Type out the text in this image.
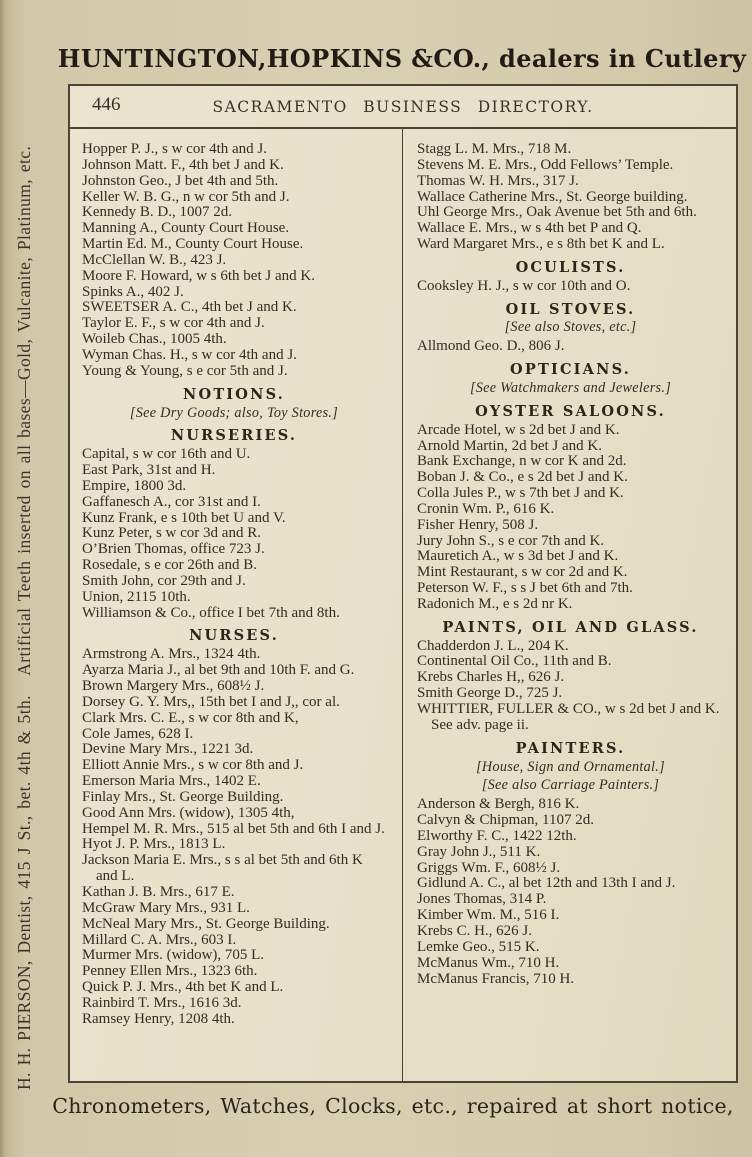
H. H. PIERSON, Dentist, 415 J St., bet. 4th & 5th.   Artificial Teeth inserted on all bases—Gold, Vulcanite, Platinum, etc.
HUNTINGTON,HOPKINS &CO., dealers in Cutlery
446	SACRAMENTO BUSINESS DIRECTORY.
Hopper P. J., s w cor 4th and J.
Johnson Matt. F., 4th bet J and K.
Johnston Geo., J bet 4th and 5th.
Keller W. B. G., n w cor 5th and J.
Kennedy B. D., 1007 2d.
Manning A., County Court House.
Martin Ed. M., County Court House.
McClellan W. B., 423 J.
Moore F. Howard, w s 6th bet J and K.
Spinks A., 402 J.
SWEETSER A. C., 4th bet J and K.
Taylor E. F., s w cor 4th and J.
Woileb Chas., 1005 4th.
Wyman Chas. H., s w cor 4th and J.
Young & Young, s e cor 5th and J.
NOTIONS.
[See Dry Goods; also, Toy Stores.]
NURSERIES.
Capital, s w cor 16th and U.
East Park, 31st and H.
Empire, 1800 3d.
Gaffanesch A., cor 31st and I.
Kunz Frank, e s 10th bet U and V.
Kunz Peter, s w cor 3d and R.
O’Brien Thomas, office 723 J.
Rosedale, s e cor 26th and B.
Smith John, cor 29th and J.
Union, 2115 10th.
Williamson & Co., office I bet 7th and 8th.
NURSES.
Armstrong A. Mrs., 1324 4th.
Ayarza Maria J., al bet 9th and 10th F. and G.
Brown Margery Mrs., 608½ J.
Dorsey G. Y. Mrs,, 15th bet I and J,, cor al.
Clark Mrs. C. E., s w cor 8th and K,
Cole James, 628 I.
Devine Mary Mrs., 1221 3d.
Elliott Annie Mrs., s w cor 8th and J.
Emerson Maria Mrs., 1402 E.
Finlay Mrs., St. George Building.
Good Ann Mrs. (widow), 1305 4th,
Hempel M. R. Mrs., 515 al bet 5th and 6th I and J.
Hyot J. P. Mrs., 1813 L.
Jackson Maria E. Mrs., s s al bet 5th and 6th K and L.
Kathan J. B. Mrs., 617 E.
McGraw Mary Mrs., 931 L.
McNeal Mary Mrs., St. George Building.
Millard C. A. Mrs., 603 I.
Murmer Mrs. (widow), 705 L.
Penney Ellen Mrs., 1323 6th.
Quick P. J. Mrs., 4th bet K and L.
Rainbird T. Mrs., 1616 3d.
Ramsey Henry, 1208 4th.
Stagg L. M. Mrs., 718 M.
Stevens M. E. Mrs., Odd Fellows’ Temple.
Thomas W. H. Mrs., 317 J.
Wallace Catherine Mrs., St. George building.
Uhl George Mrs., Oak Avenue bet 5th and 6th.
Wallace E. Mrs., w s 4th bet P and Q.
Ward Margaret Mrs., e s 8th bet K and L.
OCULISTS.
Cooksley H. J., s w cor 10th and O.
OIL STOVES.
[See also Stoves, etc.]
Allmond Geo. D., 806 J.
OPTICIANS.
[See Watchmakers and Jewelers.]
OYSTER SALOONS.
Arcade Hotel, w s 2d bet J and K.
Arnold Martin, 2d bet J and K.
Bank Exchange, n w cor K and 2d.
Boban J. & Co., e s 2d bet J and K.
Colla Jules P., w s 7th bet J and K.
Cronin Wm. P., 616 K.
Fisher Henry, 508 J.
Jury John S., s e cor 7th and K.
Mauretich A., w s 3d bet J and K.
Mint Restaurant, s w cor 2d and K.
Peterson W. F., s s J bet 6th and 7th.
Radonich M., e s 2d nr K.
PAINTS, OIL AND GLASS.
Chadderdon J. L., 204 K.
Continental Oil Co., 11th and B.
Krebs Charles H,, 626 J.
Smith George D., 725 J.
WHITTIER, FULLER & CO., w s 2d bet J and K. See adv. page ii.
PAINTERS.
[House, Sign and Ornamental.]
[See also Carriage Painters.]
Anderson & Bergh, 816 K.
Calvyn & Chipman, 1107 2d.
Elworthy F. C., 1422 12th.
Gray John J., 511 K.
Griggs Wm. F., 608½ J.
Gidlund A. C., al bet 12th and 13th I and J.
Jones Thomas, 314 P.
Kimber Wm. M., 516 I.
Krebs C. H., 626 J.
Lemke Geo., 515 K.
McManus Wm., 710 H.
McManus Francis, 710 H.
Chronometers, Watches, Clocks, etc., repaired at short notice,
